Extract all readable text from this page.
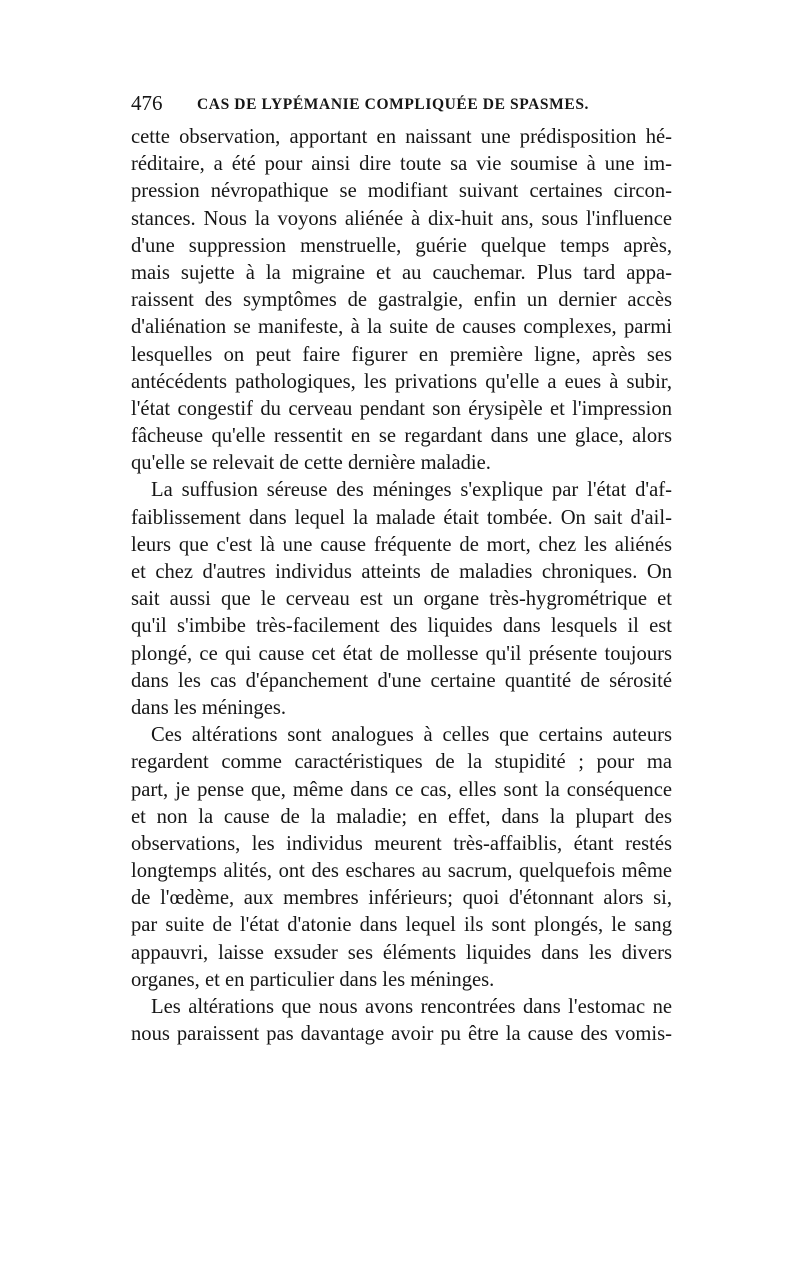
476 CAS DE LYPÉMANIE COMPLIQUÉE DE SPASMES.
cette observation, apportant en naissant une prédisposition hé-
réditaire, a été pour ainsi dire toute sa vie soumise à une im-
pression névropathique se modifiant suivant certaines circon-
stances. Nous la voyons aliénée à dix-huit ans, sous l'influence
d'une suppression menstruelle, guérie quelque temps après,
mais sujette à la migraine et au cauchemar. Plus tard appa-
raissent des symptômes de gastralgie, enfin un dernier accès
d'aliénation se manifeste, à la suite de causes complexes, parmi
lesquelles on peut faire figurer en première ligne, après ses
antécédents pathologiques, les privations qu'elle a eues à subir,
l'état congestif du cerveau pendant son érysipèle et l'impression
fâcheuse qu'elle ressentit en se regardant dans une glace, alors
qu'elle se relevait de cette dernière maladie.
La suffusion séreuse des méninges s'explique par l'état d'af-
faiblissement dans lequel la malade était tombée. On sait d'ail-
leurs que c'est là une cause fréquente de mort, chez les aliénés
et chez d'autres individus atteints de maladies chroniques. On
sait aussi que le cerveau est un organe très-hygrométrique et
qu'il s'imbibe très-facilement des liquides dans lesquels il est
plongé, ce qui cause cet état de mollesse qu'il présente toujours
dans les cas d'épanchement d'une certaine quantité de sérosité
dans les méninges.
Ces altérations sont analogues à celles que certains auteurs
regardent comme caractéristiques de la stupidité ; pour ma
part, je pense que, même dans ce cas, elles sont la conséquence
et non la cause de la maladie; en effet, dans la plupart des
observations, les individus meurent très-affaiblis, étant restés
longtemps alités, ont des eschares au sacrum, quelquefois même
de l'œdème, aux membres inférieurs; quoi d'étonnant alors si,
par suite de l'état d'atonie dans lequel ils sont plongés, le sang
appauvri, laisse exsuder ses éléments liquides dans les divers
organes, et en particulier dans les méninges.
Les altérations que nous avons rencontrées dans l'estomac ne
nous paraissent pas davantage avoir pu être la cause des vomis-
